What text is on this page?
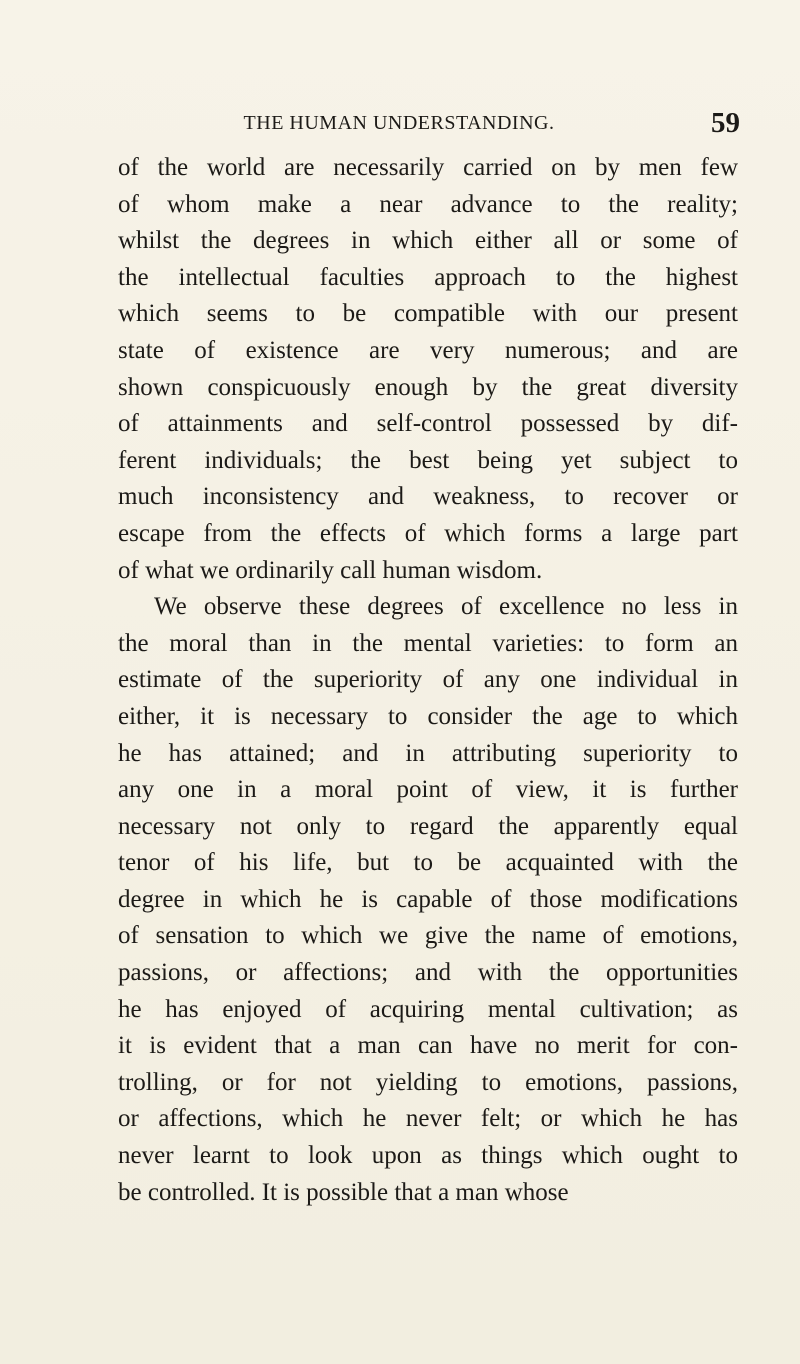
THE HUMAN UNDERSTANDING.	59
of the world are necessarily carried on by men few
of whom make a near advance to the reality;
whilst the degrees in which either all or some of
the intellectual faculties approach to the highest
which seems to be compatible with our present
state of existence are very numerous; and are
shown conspicuously enough by the great diversity
of attainments and self-control possessed by dif-
ferent individuals; the best being yet subject to
much inconsistency and weakness, to recover or
escape from the effects of which forms a large part
of what we ordinarily call human wisdom.
We observe these degrees of excellence no less in
the moral than in the mental varieties: to form an
estimate of the superiority of any one individual in
either, it is necessary to consider the age to which
he has attained; and in attributing superiority to
any one in a moral point of view, it is further
necessary not only to regard the apparently equal
tenor of his life, but to be acquainted with the
degree in which he is capable of those modifications
of sensation to which we give the name of emotions,
passions, or affections; and with the opportunities
he has enjoyed of acquiring mental cultivation; as
it is evident that a man can have no merit for con-
trolling, or for not yielding to emotions, passions,
or affections, which he never felt; or which he has
never learnt to look upon as things which ought to
be controlled. It is possible that a man whose
